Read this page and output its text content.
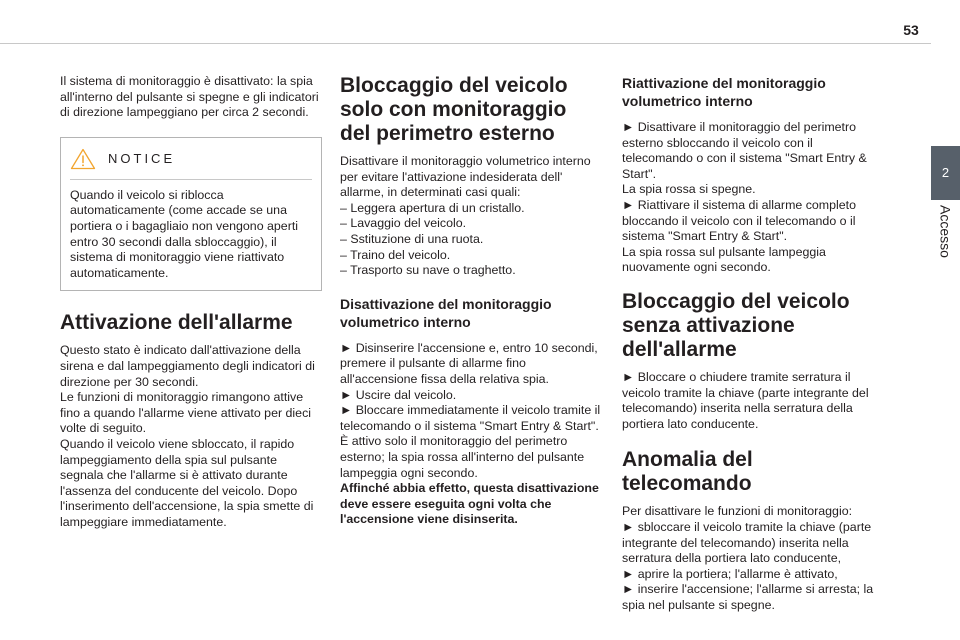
53
2
Accesso
Il sistema di monitoraggio è disattivato: la spia all'interno del pulsante si spegne e gli indicatori di direzione lampeggiano per circa 2 secondi.
NOTICE
Quando il veicolo si riblocca automaticamente (come accade se una portiera o i bagagliaio non vengono aperti entro 30 secondi dalla sbloccaggio), il sistema di monitoraggio viene riattivato automaticamente.
Attivazione dell'allarme

Questo stato è indicato dall'attivazione della sirena e dal lampeggiamento degli indicatori di direzione per 30 secondi.

Le funzioni di monitoraggio rimangono attive fino a quando l'allarme viene attivato per dieci volte di seguito.

Quando il veicolo viene sbloccato, il rapido lampeggiamento della spia sul pulsante segnala che l'allarme si è attivato durante l'assenza del conducente del veicolo. Dopo l'inserimento dell'accensione, la spia smette di lampeggiare immediatamente.

Bloccaggio del veicolo solo con monitoraggio del perimetro esterno

Disattivare il monitoraggio volumetrico interno per evitare l'attivazione indesiderata dell' allarme, in determinati casi quali:

– Leggera apertura di un cristallo.

– Lavaggio del veicolo.

– Sstituzione di una ruota.

– Traino del veicolo.

– Trasporto su nave o traghetto.

Disattivazione del monitoraggio volumetrico interno

► Disinserire l'accensione e, entro 10 secondi, premere il pulsante di allarme fino all'accensione fissa della relativa spia.

► Uscire dal veicolo.

► Bloccare immediatamente il veicolo tramite il telecomando o il sistema "Smart Entry & Start".

È attivo solo il monitoraggio del perimetro esterno; la spia rossa all'interno del pulsante lampeggia ogni secondo.

Affinché abbia effetto, questa disattivazione deve essere eseguita ogni volta che l'accensione viene disinserita.

Riattivazione del monitoraggio volumetrico interno

► Disattivare il monitoraggio del perimetro esterno sbloccando il veicolo con il telecomando o con il sistema "Smart Entry & Start".

La spia rossa si spegne.

► Riattivare il sistema di allarme completo bloccando il veicolo con il telecomando o il sistema "Smart Entry & Start".

La spia rossa sul pulsante lampeggia nuovamente ogni secondo.

Bloccaggio del veicolo senza attivazione dell'allarme

► Bloccare o chiudere tramite serratura il veicolo tramite la chiave (parte integrante del telecomando) inserita nella serratura della portiera lato conducente.

Anomalia del telecomando

Per disattivare le funzioni di monitoraggio:

► sbloccare il veicolo tramite la chiave (parte integrante del telecomando) inserita nella serratura della portiera lato conducente,

► aprire la portiera; l'allarme è attivato,

► inserire l'accensione; l'allarme si arresta; la spia nel pulsante si spegne.
